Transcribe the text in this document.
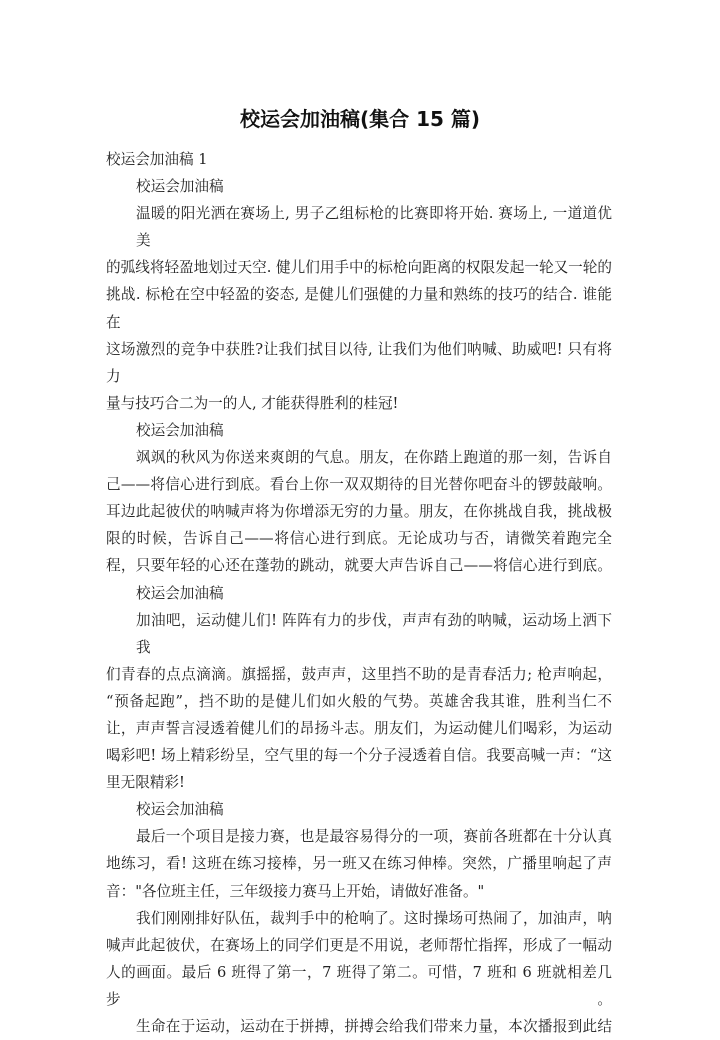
校运会加油稿(集合 15 篇)
校运会加油稿 1
校运会加油稿
温暖的阳光洒在赛场上, 男子乙组标枪的比赛即将开始. 赛场上, 一道道优美
的弧线将轻盈地划过天空. 健儿们用手中的标枪向距离的权限发起一轮又一轮的
挑战. 标枪在空中轻盈的姿态, 是健儿们强健的力量和熟练的技巧的结合. 谁能在
这场激烈的竞争中获胜?让我们拭目以待, 让我们为他们呐喊、助威吧! 只有将力
量与技巧合二为一的人, 才能获得胜利的桂冠!
校运会加油稿
飒飒的秋风为你送来爽朗的气息。朋友，在你踏上跑道的那一刻，告诉自
己——将信心进行到底。看台上你一双双期待的目光替你吧奋斗的锣鼓敲响。
耳边此起彼伏的呐喊声将为你增添无穷的力量。朋友，在你挑战自我，挑战极
限的时候，告诉自己——将信心进行到底。无论成功与否，请微笑着跑完全
程，只要年轻的心还在蓬勃的跳动，就要大声告诉自己——将信心进行到底。
校运会加油稿
加油吧，运动健儿们! 阵阵有力的步伐，声声有劲的呐喊，运动场上洒下我
们青春的点点滴滴。旗摇摇，鼓声声，这里挡不助的是青春活力; 枪声响起，
“预备起跑”，挡不助的是健儿们如火般的气势。英雄舍我其谁，胜利当仁不
让，声声誓言浸透着健儿们的昂扬斗志。朋友们，为运动健儿们喝彩，为运动
喝彩吧! 场上精彩纷呈，空气里的每一个分子浸透着自信。我要高喊一声：“这
里无限精彩!
校运会加油稿
最后一个项目是接力赛，也是最容易得分的一项，赛前各班都在十分认真
地练习，看! 这班在练习接棒，另一班又在练习伸棒。突然，广播里响起了声
音："各位班主任，三年级接力赛马上开始，请做好准备。"
我们刚刚排好队伍，裁判手中的枪响了。这时操场可热闹了，加油声，呐
喊声此起彼伏，在赛场上的同学们更是不用说，老师帮忙指挥，形成了一幅动
人的画面。最后 6 班得了第一，7 班得了第二。可惜，7 班和 6 班就相差几步。
生命在于运动，运动在于拼搏，拼搏会给我们带来力量，本次播报到此结
